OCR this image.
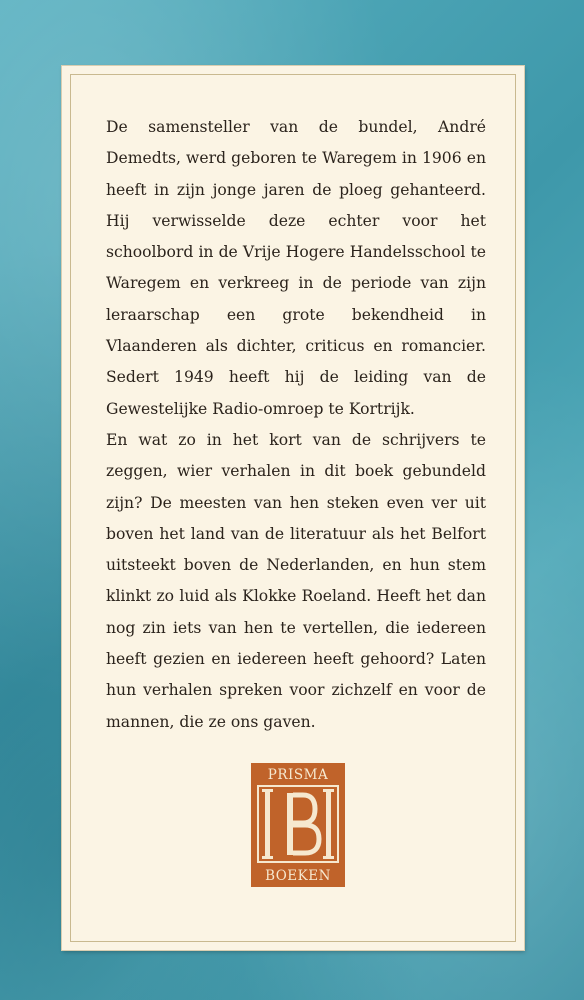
De samensteller van de bundel, André Demedts, werd geboren te Waregem in 1906 en heeft in zijn jonge jaren de ploeg gehanteerd. Hij verwisselde deze echter voor het schoolbord in de Vrije Hogere Handelsschool te Waregem en verkreeg in de periode van zijn leraarschap een grote bekendheid in Vlaanderen als dichter, criticus en romancier. Sedert 1949 heeft hij de leiding van de Gewestelijke Radio-omroep te Kortrijk.

En wat zo in het kort van de schrijvers te zeggen, wier verhalen in dit boek gebundeld zijn? De meesten van hen steken even ver uit boven het land van de literatuur als het Belfort uitsteekt boven de Nederlanden, en hun stem klinkt zo luid als Klokke Roeland. Heeft het dan nog zin iets van hen te vertellen, die iedereen heeft gezien en iedereen heeft gehoord? Laten hun verhalen spreken voor zichzelf en voor de mannen, die ze ons gaven.

PRISMA
BOEKEN
